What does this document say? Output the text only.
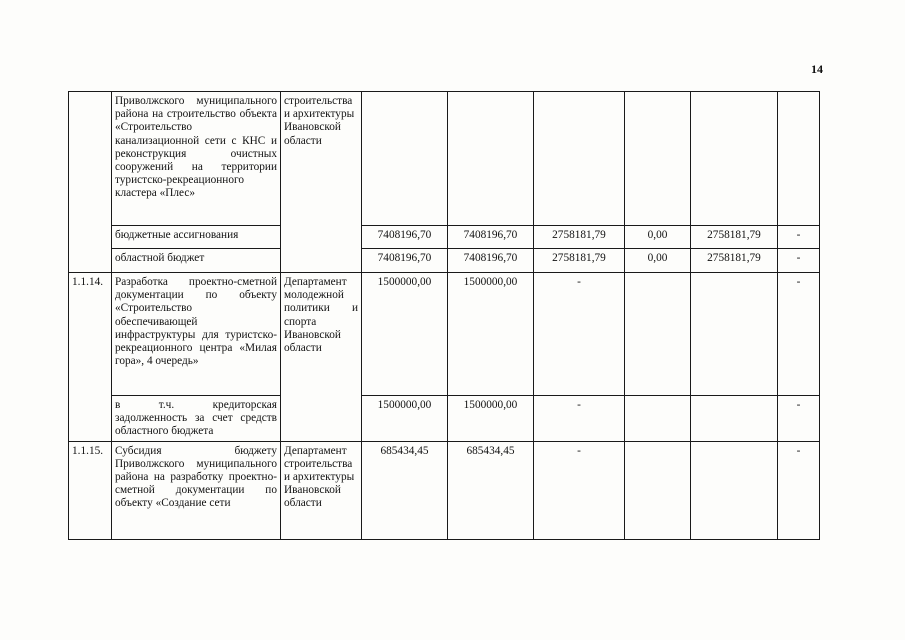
14
	Приволжского муниципального района на строительство объекта «Строительство канализационной сети с КНС и реконструкция очистных сооружений на территории туристско-рекреационного кластера «Плес»	строительства и архитектуры Ивановской области						
	бюджетные ассигнования		7408196,70	7408196,70	2758181,79	0,00	2758181,79	-
	областной бюджет		7408196,70	7408196,70	2758181,79	0,00	2758181,79	-
1.1.14.	Разработка проектно-сметной документации по объекту «Строительство обеспечивающей инфраструктуры для туристско-рекреационного центра «Милая гора», 4 очередь»	Департамент молодежной политики и спорта Ивановской области	1500000,00	1500000,00	-			-
	в т.ч. кредиторская задолженность за счет средств областного бюджета		1500000,00	1500000,00	-			-
1.1.15.	Субсидия бюджету Приволжского муниципального района на разработку проектно-сметной документации по объекту «Создание сети	Департамент строительства и архитектуры Ивановской области	685434,45	685434,45	-			-
